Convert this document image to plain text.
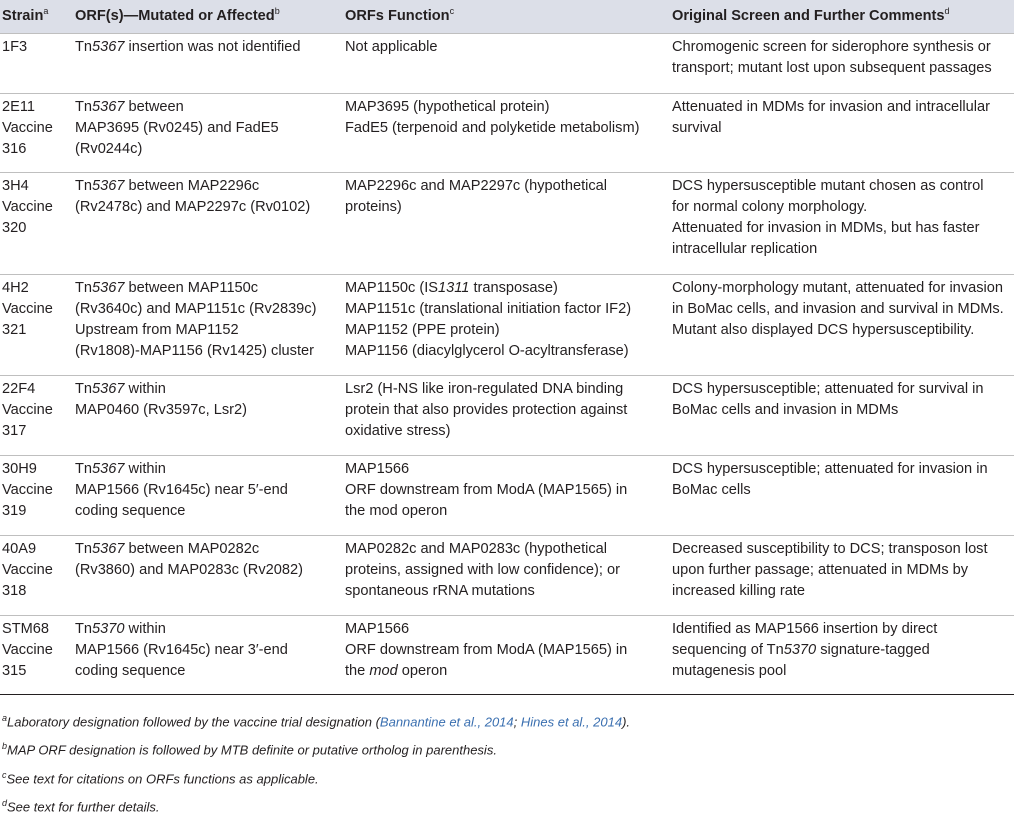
Strain$^a$	ORF(s)—Mutated or Affected$^b$	ORFs Function$^c$	Original Screen and Further Comments$^d$

1F3	Tn5367 insertion was not identified	Not applicable	Chromogenic screen for siderophore synthesis or
transport; mutant lost upon subsequent passages

2E11
Vaccine
316	Tn5367 between
MAP3695 (Rv0245) and FadE5
(Rv0244c)	MAP3695 (hypothetical protein)
FadE5 (terpenoid and polyketide metabolism)	Attenuated in MDMs for invasion and intracellular
survival

3H4
Vaccine
320	Tn5367 between MAP2296c
(Rv2478c) and MAP2297c (Rv0102)	MAP2296c and MAP2297c (hypothetical
proteins)	DCS hypersusceptible mutant chosen as control
for normal colony morphology.
Attenuated for invasion in MDMs, but has faster
intracellular replication

4H2
Vaccine
321	Tn5367 between MAP1150c
(Rv3640c) and MAP1151c (Rv2839c)
Upstream from MAP1152
(Rv1808)-MAP1156 (Rv1425) cluster	MAP1150c (IS1311 transposase)
MAP1151c (translational initiation factor IF2)
MAP1152 (PPE protein)
MAP1156 (diacylglycerol O-acyltransferase)	Colony-morphology mutant, attenuated for invasion
in BoMac cells, and invasion and survival in MDMs.
Mutant also displayed DCS hypersusceptibility.

22F4
Vaccine
317	Tn5367 within
MAP0460 (Rv3597c, Lsr2)	Lsr2 (H-NS like iron-regulated DNA binding
protein that also provides protection against
oxidative stress)	DCS hypersusceptible; attenuated for survival in
BoMac cells and invasion in MDMs

30H9
Vaccine
319	Tn5367 within
MAP1566 (Rv1645c) near 5′-end
coding sequence	MAP1566
ORF downstream from ModA (MAP1565) in
the mod operon	DCS hypersusceptible; attenuated for invasion in
BoMac cells

40A9
Vaccine
318	Tn5367 between MAP0282c
(Rv3860) and MAP0283c (Rv2082)	MAP0282c and MAP0283c (hypothetical
proteins, assigned with low confidence); or
spontaneous rRNA mutations	Decreased susceptibility to DCS; transposon lost
upon further passage; attenuated in MDMs by
increased killing rate

STM68
Vaccine
315	Tn5370 within
MAP1566 (Rv1645c) near 3′-end
coding sequence	MAP1566
ORF downstream from ModA (MAP1565) in
the mod operon	Identified as MAP1566 insertion by direct
sequencing of Tn5370 signature-tagged
mutagenesis pool
$^a$Laboratory designation followed by the vaccine trial designation (Bannantine et al., 2014; Hines et al., 2014).
$^b$MAP ORF designation is followed by MTB definite or putative ortholog in parenthesis.
$^c$See text for citations on ORFs functions as applicable.
$^d$See text for further details.
